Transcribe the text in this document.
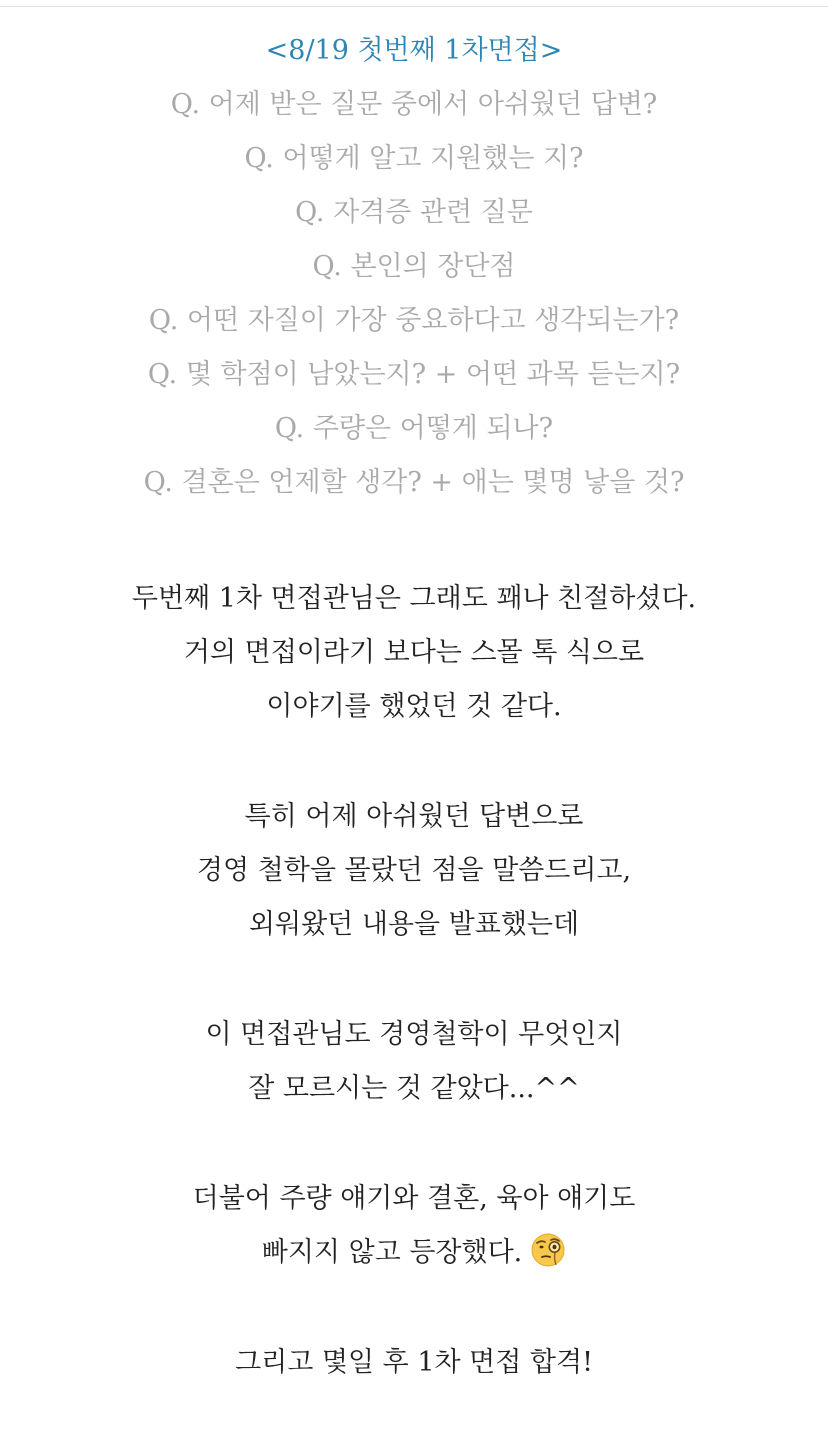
<8/19 첫번째 1차면접>
Q. 어제 받은 질문 중에서 아쉬웠던 답변?
Q. 어떻게 알고 지원했는 지?
Q. 자격증 관련 질문
Q. 본인의 장단점
Q. 어떤 자질이 가장 중요하다고 생각되는가?
Q. 몇 학점이 남았는지? + 어떤 과목 듣는지?
Q. 주량은 어떻게 되나?
Q. 결혼은 언제할 생각? + 애는 몇명 낳을 것?
두번째 1차 면접관님은 그래도 꽤나 친절하셨다.
거의 면접이라기 보다는 스몰 톡 식으로
이야기를 했었던 것 같다.
특히 어제 아쉬웠던 답변으로
경영 철학을 몰랐던 점을 말씀드리고,
외워왔던 내용을 발표했는데
이 면접관님도 경영철학이 무엇인지
잘 모르시는 것 같았다...^^
더불어 주량 얘기와 결혼, 육아 얘기도
빠지지 않고 등장했다.
그리고 몇일 후 1차 면접 합격!
